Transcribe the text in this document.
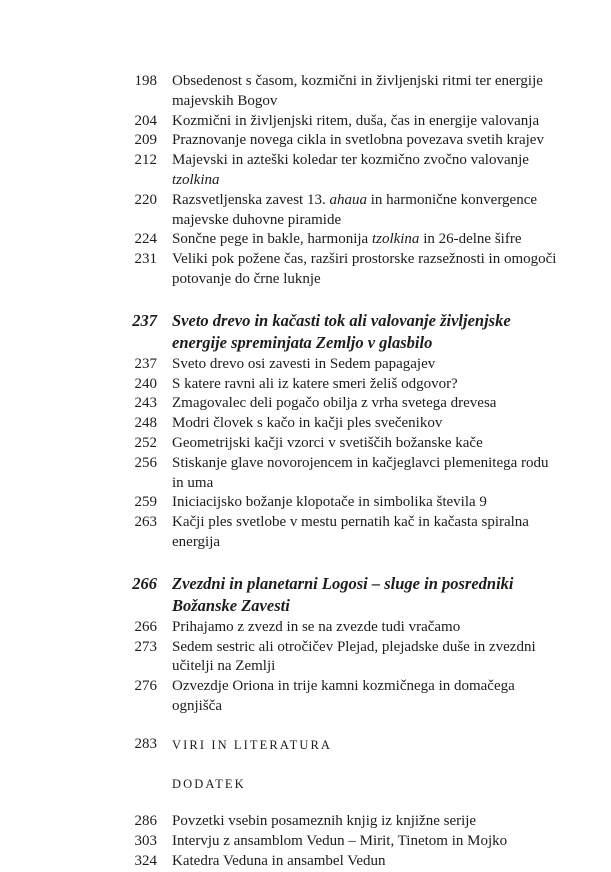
198	Obsedenost s časom, kozmični in življenjski ritmi ter energije
majevskih Bogov
204	Kozmični in življenjski ritem, duša, čas in energije valovanja
209	Praznovanje novega cikla in svetlobna povezava svetih krajev
212	Majevski in azteški koledar ter kozmično zvočno valovanje tzolkina
220	Razsvetljenska zavest 13. ahaua in harmonične konvergence
majevske duhovne piramide
224	Sončne pege in bakle, harmonija tzolkina in 26-delne šifre
231	Veliki pok požene čas, razširi prostorske razsežnosti in omogoči
potovanje do črne luknje
237 Sveto drevo in kačasti tok ali valovanje življenjske
energije spreminjata Zemljo v glasbilo
237	Sveto drevo osi zavesti in Sedem papagajev
240	S katere ravni ali iz katere smeri želiš odgovor?
243	Zmagovalec deli pogačo obilja z vrha svetega drevesa
248	Modri človek s kačo in kačji ples svečenikov
252	Geometrijski kačji vzorci v svetiščih božanske kače
256	Stiskanje glave novorojencem in kačjeglavci plemenitega rodu
in uma
259	Iniciacijsko božanje klopotače in simbolika števila 9
263	Kačji ples svetlobe v mestu pernatih kač in kačasta spiralna energija
266 Zvezdni in planetarni Logosi – sluge in posredniki
Božanske Zavesti
266	Prihajamo z zvezd in se na zvezde tudi vračamo
273	Sedem sestric ali otročičev Plejad, plejadske duše in zvezdni
učitelji na Zemlji
276	Ozvezdje Oriona in trije kamni kozmičnega in domačega ognjišča
283	VIRI IN LITERATURA
DODATEK
286	Povzetki vsebin posameznih knjig iz knjižne serije
303	Intervju z ansamblom Vedun – Mirit, Tinetom in Mojko
324	Katedra Veduna in ansambel Vedun
